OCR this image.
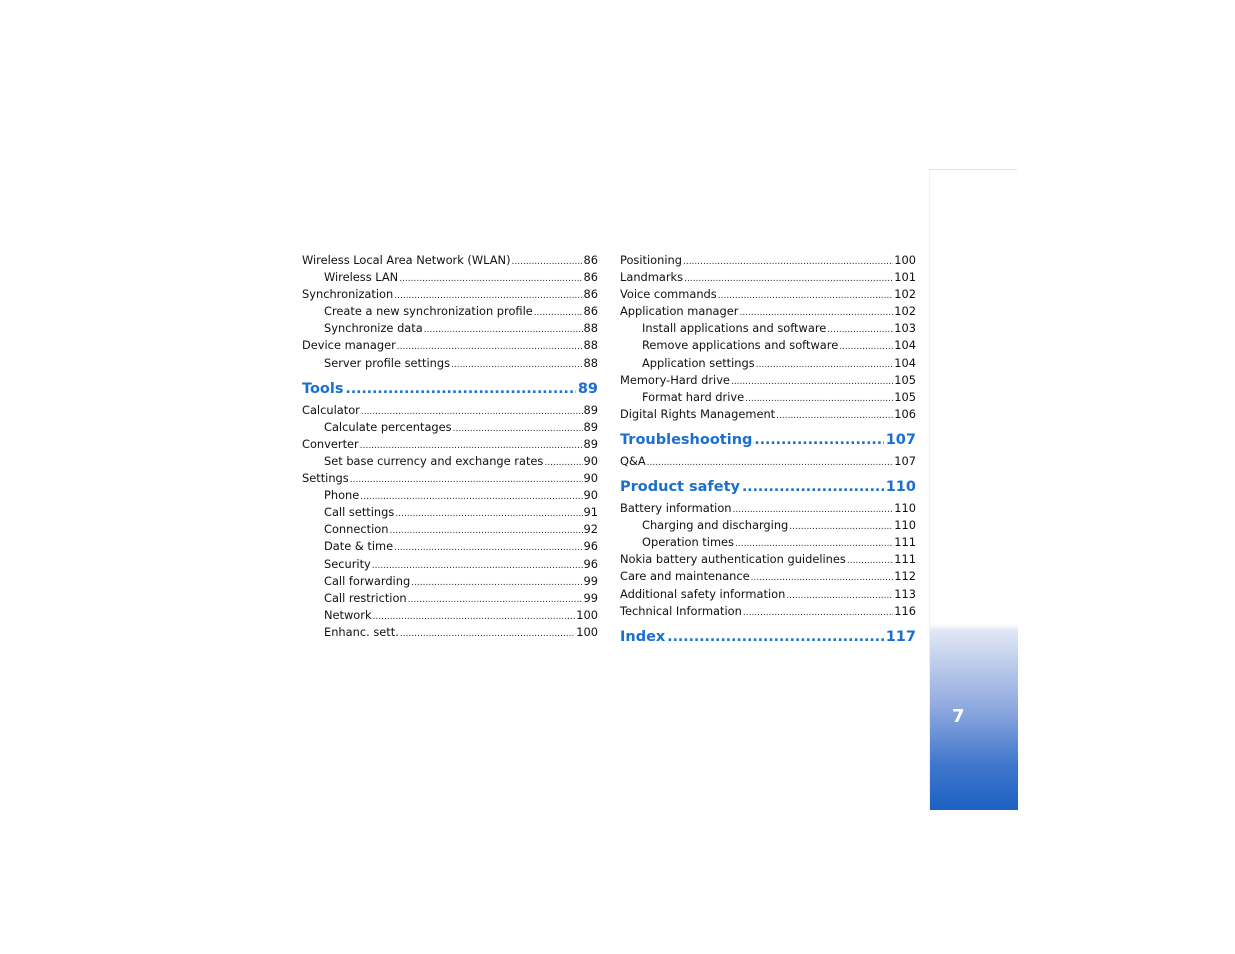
Wireless Local Area Network (WLAN) .....	86
Wireless LAN .....	86
Synchronization .....	86
Create a new synchronization profile .....	86
Synchronize data .....	88
Device manager .....	88
Server profile settings .....	88
Tools .....	89
Calculator .....	89
Calculate percentages .....	89
Converter .....	89
Set base currency and exchange rates .....	90
Settings .....	90
Phone .....	90
Call settings .....	91
Connection .....	92
Date & time .....	96
Security .....	96
Call forwarding .....	99
Call restriction .....	99
Network .....	100
Enhanc. sett. .....	100
Positioning .....	100
Landmarks .....	101
Voice commands .....	102
Application manager .....	102
Install applications and software .....	103
Remove applications and software .....	104
Application settings .....	104
Memory-Hard drive .....	105
Format hard drive .....	105
Digital Rights Management .....	106
Troubleshooting .....	107
Q&A .....	107
Product safety .....	110
Battery information .....	110
Charging and discharging .....	110
Operation times .....	111
Nokia battery authentication guidelines .....	111
Care and maintenance .....	112
Additional safety information .....	113
Technical Information .....	116
Index .....	117
7
